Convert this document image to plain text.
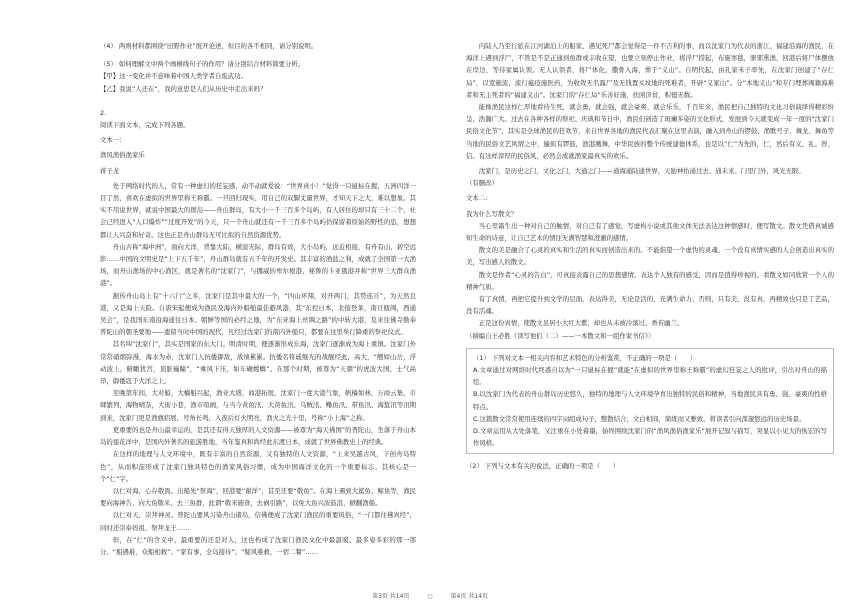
（4） 两则材料都围绕“田野作业”展开论述，但目的各不相同，请分别说明。
（5） 如何理解文中两个画横线句子的作用？请分别结合材料简要分析。
【甲】这一变化并不意味着中国人类学者自废武功。
【乙】我说“人还在”，我的意思是人们从历史中走出来吗？
2.
阅读下面文本，完成下列各题。
文本一：
渔风渔俗渔家乐
蒋子龙

处于网络时代的人，常有一种虚幻的狂妄感，动不动就爱说：“世界真小！”觉得一只鼠标在握，五洲四洋一目了然，喜欢在虚拟的世界里称王称霸。一旦回归现实，用自己的双脚丈量世界，才知天下之大，难以想象。其实不用说世界，就说中国最大的群岛——舟山群岛，有大小一千三百多个岛屿，有人居住的却只有三十二个，社会已经进入“人口爆炸”“过度开发”的今天，只一个舟山就还有一千三百多个岛屿仍保留着原始的野性的恣，想想都让人兴奋和好奇。这也正是舟山群岛无可比拟的自然资源优势。

舟山古称“海中洲”，面向大洋，背靠大陆，横波无际，群岛有致，大小岛屿，远近相接，有舟有山，碧空远影……中国的文明史是“上下五千年”，舟山群岛就有五千年的开发史。其丰富的渔盐之利，成就了全国第一大渔场，而舟山渔场的中心渔区，就是著名的“沈家门”，与挪威的卑尔根港、秘鲁的卡亚俄港并称“世界三大群众渔港”。

据传舟山岛上有“十六门”之多，沈家门是其中最大的一个，“四山环翔，对开两门，其势连亘”，为天然良港，又是海上天险。自唐宋起便成为渔民及海内外船舶最佳避风港，其“东控日本，北接登莱，南亘瓯闽，西通吴会”，是我国东南沿海通往日本、朝鲜等国的必经之地，为“东亚海上丝绸之路”的中转大港，及来往佛寺勤奉普陀山的朝圣要地——遗留当时中国的现代，凡经过沈家门的南内外船只，都要在这里举行降重的祭祀仪式。

其名叫“沈家门”，其实是国家的东大门。明清时期，便逐渐形成东海，沈家门逐渐成为海上重镇。沈家门外常常硝烟弥漫，海水为赤，沈家门人抗倭御敌，战绩累累。抗倭名将戚继光的战舰经此，高大，“艘如山岳，浮动波上，俯瞰犹宫，顶脏巍瞳”，“乘风下压，如车碾螳螂”。在那个时期，被尊为“天朝”的虎波大国，士气高昂，御倭寇于大洋之上。

至晚第年间，大对船，大楠船兴起，渔业大盛，商港拓展，沈家门一度大港气象，帆樯如林，万商云集，市肆繁列，海物晴杂，大街小巷，渔市喧闹，与当今黄鱼汛、大黄鱼汛、乌贼汛、鳓鱼汛、带鱼汛、海蜇汛等汛期到来，沈家门更是渔旗招展，号角长鸣，入夜后灯火明亮，渔火之光十里，号称“小上海”之称。

更重要的也是舟山最幸运的，是其还有得天独厚的人文资源——被尊为“海天佛国”的普陀山，坐落于舟山本岛的莲花洋中，是国内外著名的旅游胜地，当年鉴真和尚经此东渡日本，成就了世界佛教史上的经典。

在这样的地理与人文环境中，既有丰富的自然资源，又有独特的人文资源，“上来吴越古风，下创舟岛特色”，从而积淀形成了沈家门独具特色的渔家风俗习惯，成为中国海洋文化的一个重要标志。其核心是一个“仁”字。

以仁对海，心存敬畏。出船先“祭海”，回港要“谢洋”，甚至还要“敬鱼”。在海上遇到大鲨鱼、鲸鱼等，渔民要向海神告，向大鱼敬米、去三鱼群，此谓“敬米施食，去祸引路”，以免大鱼兴波鼓浪，掀翻渔船。

以仁对天，崇拜神灵。普陀山要风习染舟山诸岛，信佛便成了沈家门渔民的重要风俗，“一门都住佛真经”，同时还崇奉妈祖、祭拜龙王……

但，在“仁”的含义中，最重要的还是对人，这也构成了沈家门渔民文化中最温暖、最多姿多彩的那一部分。“船遇难，众船相救”；“家有事，全岛接待”；“疑风难救，一宿二餐”……

内陆人乃至行旅在江河湖泊上的船家，遇见死尸都会觉得是一件不吉利的事，而以沈家门为代表的浙江、福建沿海的渔民，在海洋上遇到浮尸，不管是不是正通到鱼群或丰收在望，也要立刻停止作业，将浮尸捞起，布施寒毯，驱邪熏渔，回港后将尸体摆放在岸边，等待家属认领。无人认领者，将尸体化，撒骨入海，葬于“义山”。自明代起，由孔家禾子率先，在沈家门创建了“存仁局”，以宽施流，流行瘟疫施医药，为收敛无名露尸及无钱置买坟地的死难者，开辟“义冢山”。分“本地义山”和专门埋葬闽籍海难者和无主死者的“福建义山”。沈家门的“存仁局”乐善好施，扶困济贫，积德无数。

能像渔民这样仁厚地看待生死，就会勇，就会强，就会豪爽、就会乐乐，千百年来，渔民把自己独特的文化习俗演绎得精彩纷呈，浩瀚广大。过去在各种各样的祭祀、庆典和节日中，渔民们创造了斑斓多姿的文化形式，发展到今天就变成一年一度的“沈家门民俗文化节”，其实是全球渔民的狂欢节，来自世界各地的渔民代表汇聚在这里表演，融入到舟山的锣鼓、渔歌号子、舞龙、舞鱼等当地的民俗文艺风情之中，遍街有锣鼓，渔港溅舞，中华民族的整个传统建德体系，也是以“仁”为先的，仁，然后有义、礼、智、信。有这样淳厚的民俗风，必然会成就渔家最真实的欢乐。

沈家门，是历史之门，文化之门，大通之门——通海通陆通世界，天励神佑通过去、通未来。门里门外，风光无限。

（有删改）
文本二：
我为什么写散文？

当心里霜生出一种对自己的触情，对自己有了感觉，写虚构小说或其他文体无法表达这种情感时，便写散文。散文凭借真诚感知生命的诗意，让自己艺术的情往无满智慧和澄澈的感情。

散文的美是融合了心灵的真实和生活的真实而创造出来的。不能指望一个虚伪的灵魂、一个没有真情实感的人会创造出真实的美，写出感人的散文。

散文是作者“心灵的告白”，可真接表露自己的思想感情，表达个人独有的感受，因而是值得珍视的。看散文如同欣赏一个人的精神气质。

有了真情，再把它提升到文学的层面，表达得美，无论是活的，充满生命力、否则，只有美，没有真，再精致也只是工艺品，没有活魂。

正是这份真情，使散文虽居小大红大紫，却也从未被冷落过。香若幽兰。

（摘编自王必胜《读写他们（二）——一本散文和一组作家书信》）
（1） 下列对文本一相关内容和艺术特色的分析鉴赏，不正确的一项是（　　）

A.文章通过对网络时代终惑自以为“一只鼠标在握”就能“在虚拟的世界里称王称霸”的虚幻狂妄之人的批评，引出对舟山的描绘。

B.以沈家门为代表的舟山群岛历史悠久，独特的地理与人文环境孕育出独特的民俗和精神，当地渔民具有勇、强、豪爽的性格特点。

C.这篇散文常常使用连续的四字词组成句子，整散结合，文白相间，简练而又雅致，将读者引向深邃悠远的历史场景。

D.文章运用从大处落笔，又注重在小处着墨，始终围绕沈家门的“渔风渔俗渔家乐”展开记叙与描写，突显以小见大的恢宏的写作风格。

（2） 下列与文本有关的说法，正确的一项是（　　）
第3页 共14页	○	第4页 共14页
